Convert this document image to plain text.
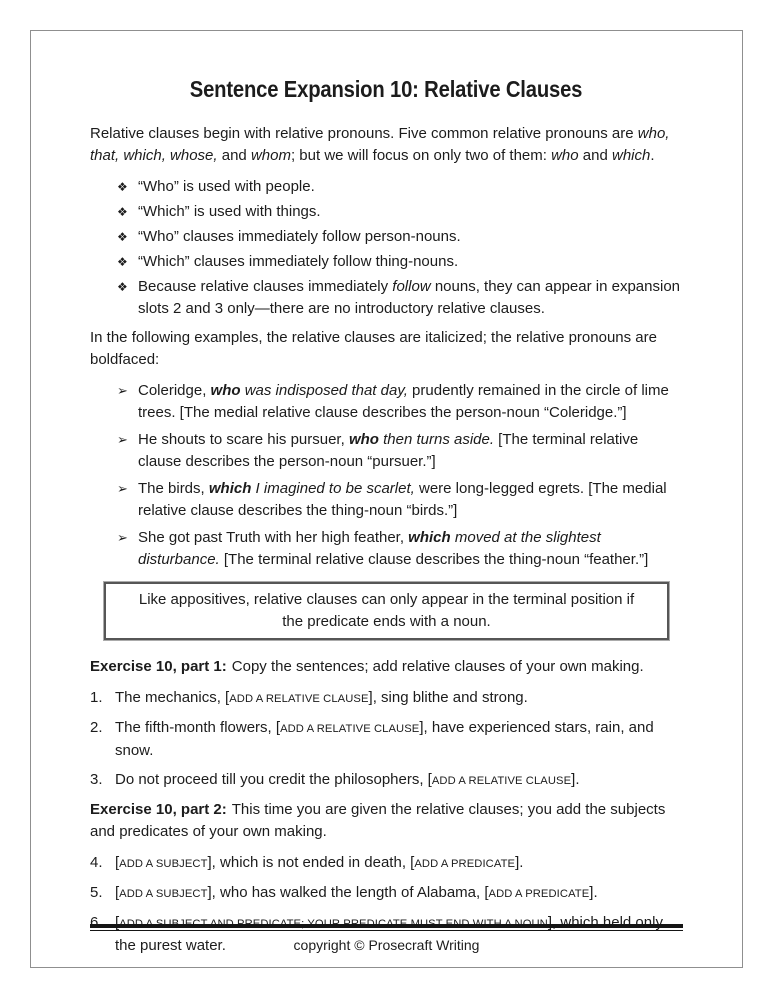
Sentence Expansion 10: Relative Clauses

Relative clauses begin with relative pronouns. Five common relative pronouns are who, that, which, whose, and whom; but we will focus on only two of them: who and which.

❖ “Who” is used with people.
❖ “Which” is used with things.
❖ “Who” clauses immediately follow person-nouns.
❖ “Which” clauses immediately follow thing-nouns.
❖ Because relative clauses immediately follow nouns, they can appear in expansion slots 2 and 3 only—there are no introductory relative clauses.

In the following examples, the relative clauses are italicized; the relative pronouns are boldfaced:

➢ Coleridge, who was indisposed that day, prudently remained in the circle of lime trees. [The medial relative clause describes the person-noun “Coleridge.”]
➢ He shouts to scare his pursuer, who then turns aside. [The terminal relative clause describes the person-noun “pursuer.”]
➢ The birds, which I imagined to be scarlet, were long-legged egrets. [The medial relative clause describes the thing-noun “birds.”]
➢ She got past Truth with her high feather, which moved at the slightest disturbance. [The terminal relative clause describes the thing-noun “feather.”]
Like appositives, relative clauses can only appear in the terminal position if the predicate ends with a noun.

Exercise 10, part 1: Copy the sentences; add relative clauses of your own making.

1. The mechanics, [ADD A RELATIVE CLAUSE], sing blithe and strong.
2. The fifth-month flowers, [ADD A RELATIVE CLAUSE], have experienced stars, rain, and snow.
3. Do not proceed till you credit the philosophers, [ADD A RELATIVE CLAUSE].

Exercise 10, part 2: This time you are given the relative clauses; you add the subjects and predicates of your own making.

4. [ADD A SUBJECT], which is not ended in death, [ADD A PREDICATE].
5. [ADD A SUBJECT], who has walked the length of Alabama, [ADD A PREDICATE].
6. [ADD A SUBJECT AND PREDICATE; YOUR PREDICATE MUST END WITH A NOUN], which held only the purest water.	copyright © Prosecraft Writing
